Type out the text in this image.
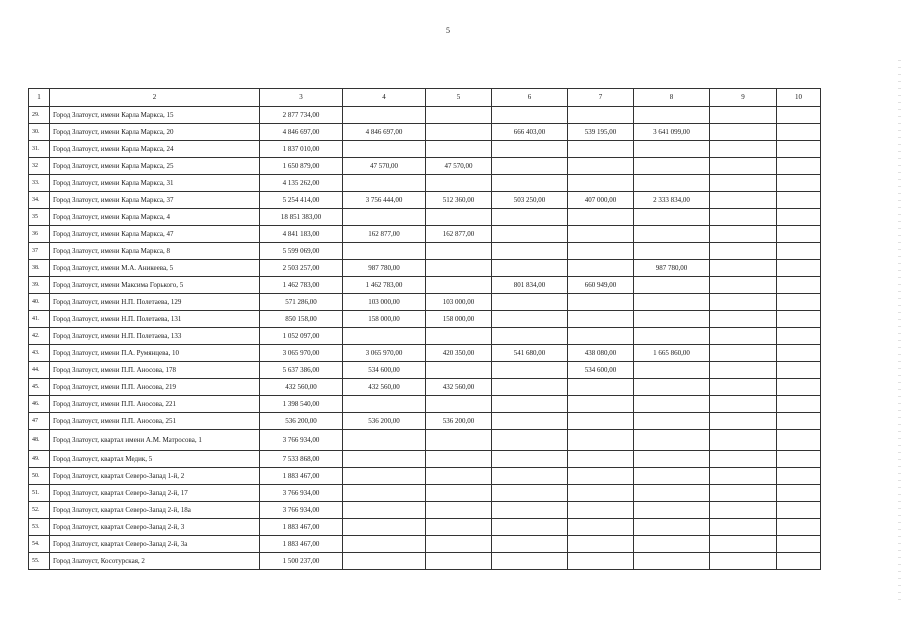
5
1	2	3	4	5	6	7	8	9	10
29.	Город Златоуст, имени Карла Маркса, 15	2 877 734,00							
30.	Город Златоуст, имени Карла Маркса, 20	4 846 697,00	4 846 697,00		666 403,00	539 195,00	3 641 099,00		
31.	Город Златоуст, имени Карла Маркса, 24	1 837 010,00							
32	Город Златоуст, имени Карла Маркса, 25	1 650 879,00	47 570,00	47 570,00					
33.	Город Златоуст, имени Карла Маркса, 31	4 135 262,00							
34.	Город Златоуст, имени Карла Маркса, 37	5 254 414,00	3 756 444,00	512 360,00	503 250,00	407 000,00	2 333 834,00		
35	Город Златоуст, имени Карла Маркса, 4	18 851 383,00							
36	Город Златоуст, имени Карла Маркса, 47	4 841 183,00	162 877,00	162 877,00					
37	Город Златоуст, имени Карла Маркса, 8	5 599 069,00							
38.	Город Златоуст, имени М.А. Аникеева, 5	2 503 257,00	987 780,00				987 780,00		
39.	Город Златоуст, имени Максима Горького, 5	1 462 783,00	1 462 783,00		801 834,00	660 949,00			
40.	Город Златоуст, имени Н.П. Полетаева, 129	571 286,00	103 000,00	103 000,00					
41.	Город Златоуст, имени Н.П. Полетаева, 131	850 158,00	158 000,00	158 000,00					
42.	Город Златоуст, имени Н.П. Полетаева, 133	1 052 097,00							
43.	Город Златоуст, имени П.А. Румянцева, 10	3 065 970,00	3 065 970,00	420 350,00	541 680,00	438 080,00	1 665 860,00		
44.	Город Златоуст, имени П.П. Аносова, 178	5 637 386,00	534 600,00			534 600,00			
45.	Город Златоуст, имени П.П. Аносова, 219	432 560,00	432 560,00	432 560,00					
46.	Город Златоуст, имени П.П. Аносова, 221	1 398 540,00							
47	Город Златоуст, имени П.П. Аносова, 251	536 200,00	536 200,00	536 200,00					
48.	Город Златоуст, квартал имени А.М. Матросова, 1	3 766 934,00							
49.	Город Златоуст, квартал Медик, 5	7 533 868,00							
50.	Город Златоуст, квартал Северо-Запад 1-й, 2	1 883 467,00							
51.	Город Златоуст, квартал Северо-Запад 2-й, 17	3 766 934,00							
52.	Город Златоуст, квартал Северо-Запад 2-й, 18а	3 766 934,00							
53.	Город Златоуст, квартал Северо-Запад 2-й, 3	1 883 467,00							
54.	Город Златоуст, квартал Северо-Запад 2-й, 3а	1 883 467,00							
55.	Город Златоуст, Косотурская, 2	1 500 237,00							
